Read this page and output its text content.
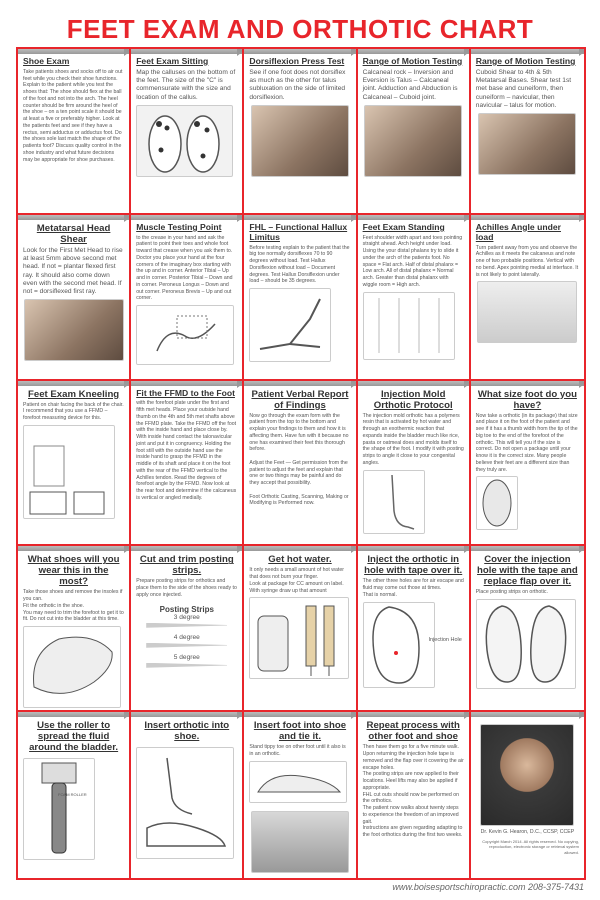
FEET EXAM AND ORTHOTIC CHART
Shoe Exam
Take patients shoes and socks off to air out feet while you check their shoe functions. Explain to the patient while you test the shoes that: The shoe should flex at the ball of the foot and not into the arch. The heel counter should be firm around the heel of the shoe – on a ten point scale it should be at least a five or preferably higher. Look at the patients feet and see if they have a rectus, semi adductus or adductus foot. Do the shoes sole last match the shape of the patients foot? Discuss quality control in the shoe industry and what future decisions may be appropriate for shoe purchases.
Feet Exam Sitting
Map the calluses on the bottom of the feet. The size of the "C" is commensurate with the size and location of the callus.
Dorsiflexion Press Test
See if one foot does not dorsiflex as much as the other for talus subluxation on the side of limited dorsiflexion.
Range of Motion Testing
Calcaneal rock – Inversion and Eversion is Talus – Calcaneal joint. Adduction and Abduction is Calcaneal – Cuboid joint.
Range of Motion Testing
Cuboid Shear to 4th & 5th Metatarsal Bases. Shear test 1st met base and cuneiform, then cuneiform – navicular, then navicular – talus for motion.
Metatarsal Head Shear
Look for the First Met Head to rise at least 5mm above second met head. If not = plantar flexed first ray. It should also come down even with the second met head. If not = dorsiflexed first ray.
Muscle Testing Point
to the crease in your hand and ask the patient to point their toes and whole foot toward that crease when you ask them to. Doctor you place your hand at the four corners of the imaginary box starting with the up and in corner. Anterior Tibial – Up and in corner. Posterior Tibial – Down and in corner. Peroneus Longus – Down and out corner. Peroneus Brevis – Up and out corner.
FHL – Functional Hallux Limitus
Before testing explain to the patient that the big toe normally dorsiflexes 70 to 90 degrees without load. Test Hallux Dorsiflexion without load – Document degrees. Test Hallux Dorsiflexion under load – should be 35 degrees.
Feet Exam Standing
Feet shoulder width apart and toes pointing straight ahead. Arch height under load. Using the your distal phalanx try to slide it under the arch of the patients foot. No space = Flat arch. Half of distal phalanx = Low arch. All of distal phalanx = Normal arch. Greater than distal phalanx with wiggle room = High arch.
Achilles Angle under load
Turn patient away from you and observe the Achilles as it meets the calcaneus and note one of two probable positions. Vertical with no bend. Apex pointing medial at interface. It is not likely to point laterally.
Feet Exam Kneeling
Patient on chair facing the back of the chair. I recommend that you use a FFMD – forefoot measuring device for this.
Fit the FFMD to the Foot
with the forefoot plate under the first and fifth met heads. Place your outside hand thumb on the 4th and 5th met shafts above the FFMD plate. Take the FFMD off the foot with the inside hand and place close by. With inside hand contact the talonavicular joint and put it in congruency. Holding the foot still with the outside hand use the inside hand to grasp the FFMD in the middle of its shaft and place it on the foot with the rear of the FFMD vertical to the Achilles tendon. Read the degrees of forefoot angle by the FFMD. Now look at the rear foot and determine if the calcaneus is vertical or angled medially.
Patient Verbal Report of Findings
Now go through the exam form with the patient from the top to the bottom and explain your findings to them and how it is affecting them. Have fun with it because no one has examined their feet this thorough before.

Adjust the Feet — Get permission from the patient to adjust the feet and explain that one or two things may be painful and do they accept that possibility.

Foot Orthotic Casting, Scanning, Making or Modifying is Performed now.
Injection Mold Orthotic Protocol
The injection mold orthotic has a polymers resin that is activated by hot water and through an exothermic reaction that expands inside the bladder much like rice, pasta or oatmeal does and molds itself to the shape of the foot. I modify it with posting strips to angle it close to your congenital angles.
What size foot do you have?
Now take a orthotic (in its package) that size and place it on the foot of the patient and see if it has a thumb width from the tip of the big toe to the end of the forefoot of the orthotic. This will tell you if the size is correct. Do not open a package until your know it is the correct size. Many people believe their feet are a different size than they truly are.
What shoes will you wear this in the most?
Take those shoes and remove the insoles if you can.
Fit the orthotic in the shoe.
You may need to trim the forefoot to get it to fit. Do not cut into the bladder at this time.
Cut and trim posting strips.
Prepare posting strips for orthotics and place them to the side of the shoes ready to apply once injected.
Posting Strips
3 degree
4 degree
5 degree
Get hot water.
It only needs a small amount of hot water that does not burn your finger.
Look at package for CC amount on label.
With syringe draw up that amount
Inject the orthotic in hole with tape over it.
The other three holes are for air escape and fluid may come out those at times.
That is normal.
Injection Hole
Cover the injection hole with the tape and replace flap over it.
Place posting strips on orthotic.
Use the roller to spread the fluid around the bladder.
FOAM ROLLER
Insert orthotic into shoe.
Insert foot into shoe and tie it.
Stand tippy toe on other foot until it also is in an orthotic.
Repeat process with other foot and shoe
Then have them go for a five minute walk.
Upon returning the injection hole tape is removed and the flap over it covering the air escape holes.
The posting strips are now applied to their locations. Heel lifts may also be applied if appropriate.
FHL cut outs should now be performed on the orthotics.
The patient now walks about twenty steps to experience the freedom of an improved gait.
Instructions are given regarding adapting to the foot orthotics during the first two weeks.	Dr. Kevin G. Hearon, D.C., CCSP, CCEP
Copyright March 2014. All rights reserved. No copying, reproduction, electronic storage or retrieval system allowed.
www.boisesportschiropractic.com 208-375-7431
